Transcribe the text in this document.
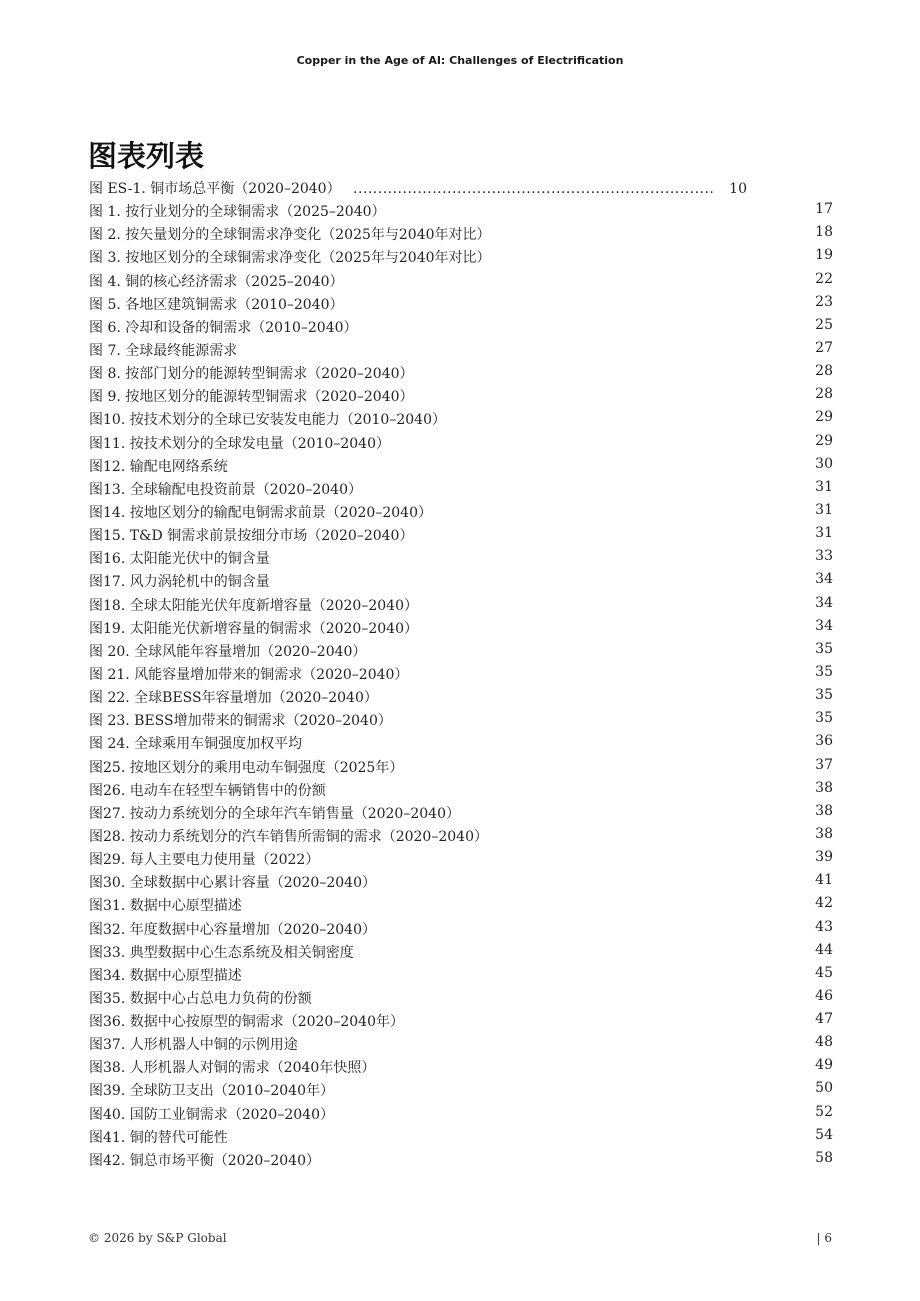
Copper in the Age of AI: Challenges of Electrification
图表列表
图 ES-1. 铜市场总平衡（2020–2040） ......................................................................... 10
图 1. 按行业划分的全球铜需求（2025–2040）	17
图 2. 按矢量划分的全球铜需求净变化（2025年与2040年对比）	18
图 3. 按地区划分的全球铜需求净变化（2025年与2040年对比）	19
图 4. 铜的核心经济需求（2025–2040）	22
图 5. 各地区建筑铜需求（2010–2040）	23
图 6. 冷却和设备的铜需求（2010–2040）	25
图 7. 全球最终能源需求	27
图 8. 按部门划分的能源转型铜需求（2020–2040）	28
图 9. 按地区划分的能源转型铜需求（2020–2040）	28
图10. 按技术划分的全球已安装发电能力（2010–2040）	29
图11. 按技术划分的全球发电量（2010–2040）	29
图12. 输配电网络系统	30
图13. 全球输配电投资前景（2020–2040）	31
图14. 按地区划分的输配电铜需求前景（2020–2040）	31
图15. T&D 铜需求前景按细分市场（2020–2040）	31
图16. 太阳能光伏中的铜含量	33
图17. 风力涡轮机中的铜含量	34
图18. 全球太阳能光伏年度新增容量（2020–2040）	34
图19. 太阳能光伏新增容量的铜需求（2020–2040）	34
图 20. 全球风能年容量增加（2020–2040）	35
图 21. 风能容量增加带来的铜需求（2020–2040）	35
图 22. 全球BESS年容量增加（2020–2040）	35
图 23. BESS增加带来的铜需求（2020–2040）	35
图 24. 全球乘用车铜强度加权平均	36
图25. 按地区划分的乘用电动车铜强度（2025年）	37
图26. 电动车在轻型车辆销售中的份额	38
图27. 按动力系统划分的全球年汽车销售量（2020–2040）	38
图28. 按动力系统划分的汽车销售所需铜的需求（2020–2040）	38
图29. 每人主要电力使用量（2022）	39
图30. 全球数据中心累计容量（2020–2040）	41
图31. 数据中心原型描述	42
图32. 年度数据中心容量增加（2020–2040）	43
图33. 典型数据中心生态系统及相关铜密度	44
图34. 数据中心原型描述	45
图35. 数据中心占总电力负荷的份额	46
图36. 数据中心按原型的铜需求（2020–2040年）	47
图37. 人形机器人中铜的示例用途	48
图38. 人形机器人对铜的需求（2040年快照）	49
图39. 全球防卫支出（2010–2040年）	50
图40. 国防工业铜需求（2020–2040）	52
图41. 铜的替代可能性	54
图42. 铜总市场平衡（2020–2040）	58
© 2026 by S&P Global	| 6
